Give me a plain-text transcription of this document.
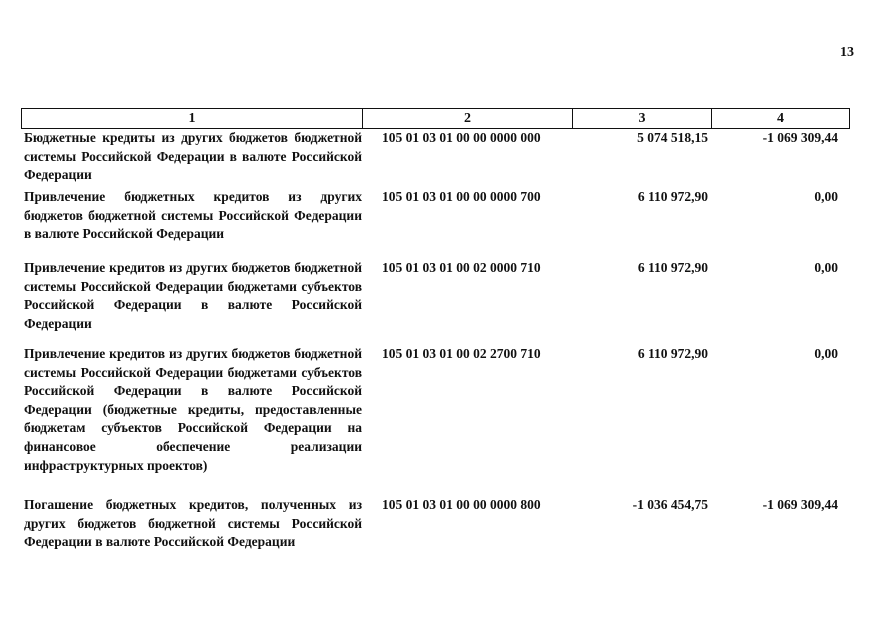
13
1	2	3	4
Бюджетные кредиты из других бюджетов бюджетной системы Российской Федерации в валюте Российской Федерации
105 01 03 01 00 00 0000 000	5 074 518,15	-1 069 309,44
Привлечение бюджетных кредитов из других бюджетов бюджетной системы Российской Федерации в валюте Российской Федерации
105 01 03 01 00 00 0000 700	6 110 972,90	0,00
Привлечение кредитов из других бюджетов бюджетной системы Российской Федерации бюджетами субъектов Российской Федерации в валюте Российской Федерации
105 01 03 01 00 02 0000 710	6 110 972,90	0,00
Привлечение кредитов из других бюджетов бюджетной системы Российской Федерации бюджетами субъектов Российской Федерации в валюте Российской Федерации (бюджетные кредиты, предоставленные бюджетам субъектов Российской Федерации на финансовое обеспечение реализации инфраструктурных проектов)
105 01 03 01 00 02 2700 710	6 110 972,90	0,00
Погашение бюджетных кредитов, полученных из других бюджетов бюджетной системы Российской Федерации в валюте Российской Федерации
105 01 03 01 00 00 0000 800	-1 036 454,75	-1 069 309,44
